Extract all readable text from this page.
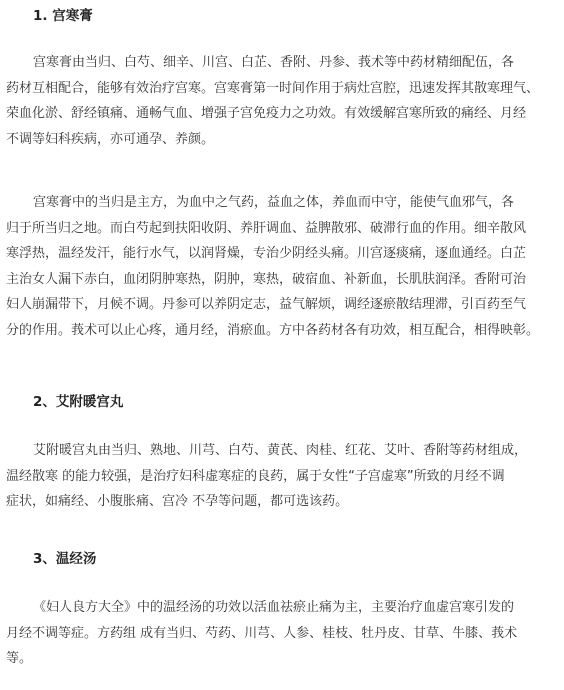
1. 宫寒膏

宫寒膏由当归、白芍、细辛、川宫、白芷、香附、丹参、莪术等中药材精细配伍，各

药材互相配合，能够有效治疗宫寒。宫寒膏第一时间作用于病灶宫腔，迅速发挥其散寒理气、

荣血化淤、舒经镇痛、通畅气血、增强子宫免疫力之功效。有效缓解宫寒所致的痛经、月经

不调等妇科疾病，亦可通孕、养颜。

宫寒膏中的当归是主方，为血中之气药，益血之体，养血而中守，能使气血邪气，各

归于所当归之地。而白芍起到扶阳收阴、养肝调血、益脾散邪、破滞行血的作用。细辛散风

寒浮热，温经发汗，能行水气，以润肾燥，专治少阴经头痛。川宫逐痰痛，逐血通经。白芷

主治女人漏下赤白，血闭阴肿寒热，阴肿，寒热，破宿血、补新血，长肌肤润泽。香附可治

妇人崩漏带下，月候不调。丹参可以养阴定志，益气解烦，调经逐瘀散结理滞，引百药至气

分的作用。莪术可以止心疼，通月经，消瘀血。方中各药材各有功效，相互配合，相得映彰。

2、艾附暖宫丸

艾附暖宫丸由当归、熟地、川芎、白芍、黄芪、肉桂、红花、艾叶、香附等药材组成，

温经散寒 的能力较强，是治疗妇科虚寒症的良药，属于女性“子宫虚寒”所致的月经不调

症状，如痛经、小腹胀痛、宫冷 不孕等问题，都可选该药。

3、温经汤

《妇人良方大全》中的温经汤的功效以活血祛瘀止痛为主，主要治疗血虚宫寒引发的

月经不调等症。方药组 成有当归、芍药、川芎、人参、桂枝、牡丹皮、甘草、牛膝、莪术

等。
